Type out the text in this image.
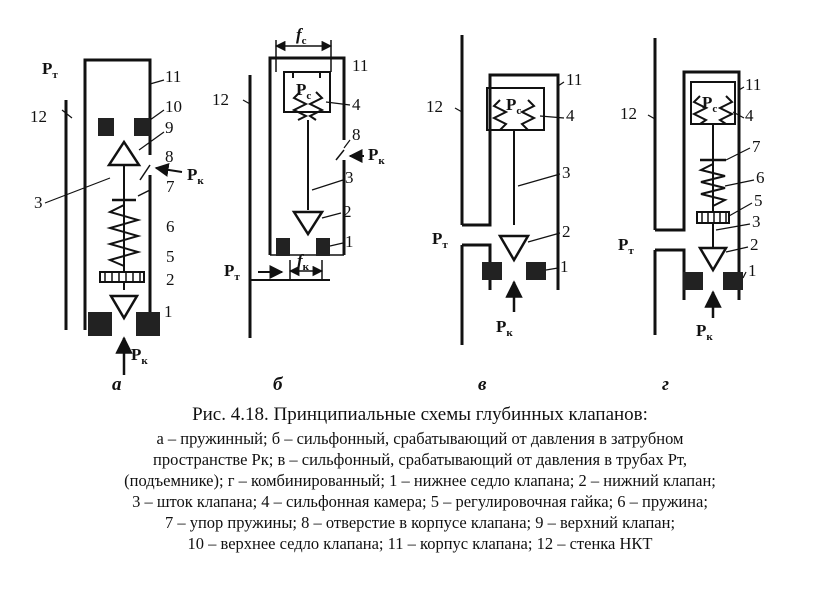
11
10
9
8
7
6
5
2
1
12
3
$P_т$
$P_к$
$P_к$
а
11
4
8
3
2
1
12
$P_c$
$f_c$
$f_к$
$P_к$
$P_т$
б
11
4
3
2
1
12	$P_c$
$P_т$
$P_к$
в
11
4
7
6
5
3
2
1
12
$P_c$
$P_т$
$P_к$
г
Рис. 4.18. Принципиальные схемы глубинных клапанов:
а – пружинный; б – сильфонный, срабатывающий от давления в затрубном
пространстве Pк; в – сильфонный, срабатывающий от давления в трубах Pт,
(подъемнике); г – комбинированный; 1 – нижнее седло клапана; 2 – нижний клапан;
3 – шток клапана; 4 – сильфонная камера; 5 – регулировочная гайка; 6 – пружина;
7 – упор пружины; 8 – отверстие в корпусе клапана; 9 – верхний клапан;
10 – верхнее седло клапана; 11 – корпус клапана; 12 – стенка НКТ
